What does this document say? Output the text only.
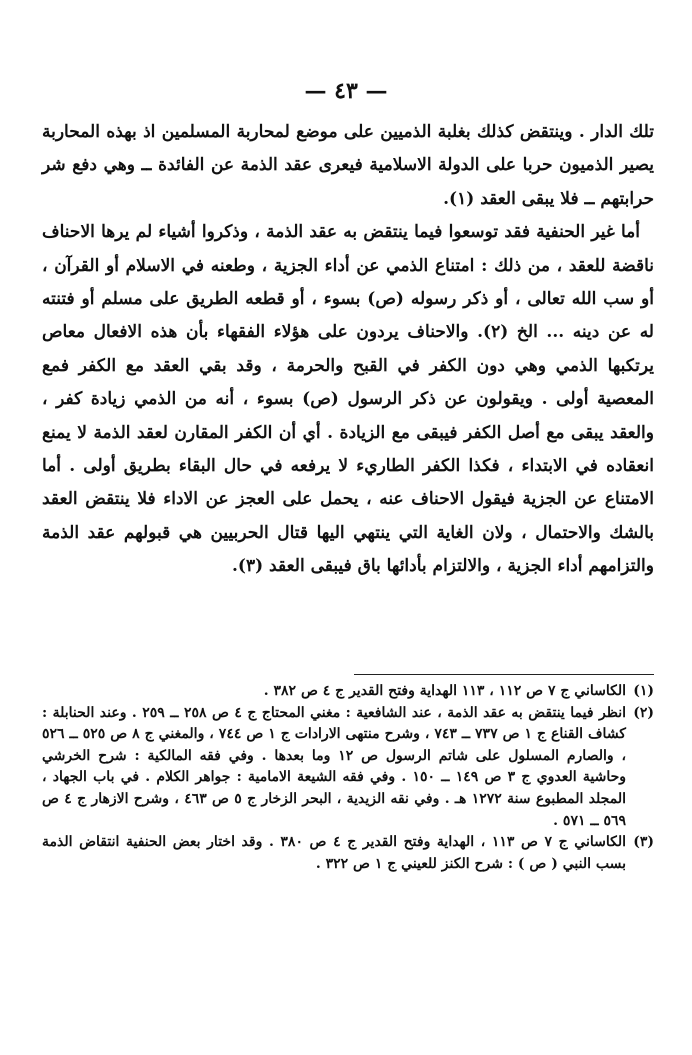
— ٤٣ —

تلك الدار . وينتقض كذلك بغلبة الذميين على موضع لمحاربة المسلمين اذ بهذه المحاربة يصير الذميون حربا على الدولة الاسلامية فيعرى عقد الذمة عن الفائدة ــ وهي دفع شر حرابتهم ــ فلا يبقى العقد (١).

أما غير الحنفية فقد توسعوا فيما ينتقض به عقد الذمة ، وذكروا أشياء لم يرها الاحناف ناقضة للعقد ، من ذلك : امتناع الذمي عن أداء الجزية ، وطعنه في الاسلام أو القرآن ، أو سب الله تعالى ، أو ذكر رسوله (ص) بسوء ، أو قطعه الطريق على مسلم أو فتنته له عن دينه ... الخ (٢). والاحناف يردون على هؤلاء الفقهاء بأن هذه الافعال معاص يرتكبها الذمي وهي دون الكفر في القبح والحرمة ، وقد بقي العقد مع الكفر فمع المعصية أولى . ويقولون عن ذكر الرسول (ص) بسوء ، أنه من الذمي زيادة كفر ، والعقد يبقى مع أصل الكفر فيبقى مع الزيادة . أي أن الكفر المقارن لعقد الذمة لا يمنع انعقاده في الابتداء ، فكذا الكفر الطاريء لا يرفعه في حال البقاء بطريق أولى . أما الامتناع عن الجزية فيقول الاحناف عنه ، يحمل على العجز عن الاداء فلا ينتقض العقد بالشك والاحتمال ، ولان الغاية التي ينتهي اليها قتال الحربيين هي قبولهم عقد الذمة والتزامهم أداء الجزية ، والالتزام بأدائها باق فيبقى العقد (٣).

(١)
الكاساني ج ٧ ص ١١٢ ، ١١٣ الهداية وفتح القدير ج ٤ ص ٣٨٢ .
(٢)
انظر فيما ينتقض به عقد الذمة ، عند الشافعية : مغني المحتاج ج ٤ ص ٢٥٨ ــ ٢٥٩ . وعند الحنابلة : كشاف القناع ج ١ ص ٧٣٧ ــ ٧٤٣ ، وشرح منتهى الارادات ج ١ ص ٧٤٤ ، والمغني ج ٨ ص ٥٢٥ ــ ٥٢٦ ، والصارم المسلول على شاتم الرسول ص ١٢ وما بعدها . وفي فقه المالكية : شرح الخرشي وحاشية العدوي ج ٣ ص ١٤٩ ــ ١٥٠ . وفي فقه الشيعة الامامية : جواهر الكلام . في باب الجهاد ، المجلد المطبوع سنة ١٢٧٢ هـ . وفي نقه الزيدية ، البحر الزخار ج ٥ ص ٤٦٣ ، وشرح الازهار ج ٤ ص ٥٦٩ ــ ٥٧١ .
(٣)
الكاساني ج ٧ ص ١١٣ ، الهداية وفتح القدير ج ٤ ص ٣٨٠ . وقد اختار بعض الحنفية انتقاض الذمة بسب النبي ( ص ) : شرح الكنز للعيني ج ١ ص ٣٢٢ .
